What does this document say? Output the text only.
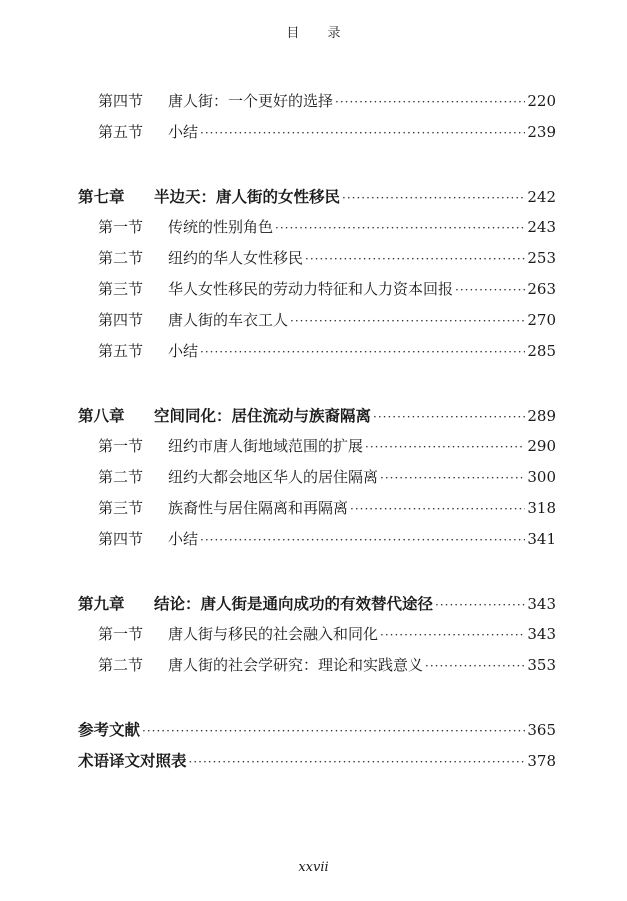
目 录
第四节	唐人街：一个更好的选择 ·····	220
第五节	小结 ·····	239
第七章	半边天：唐人街的女性移民 ·····	242
第一节	传统的性别角色 ·····	243
第二节	纽约的华人女性移民 ·····	253
第三节	华人女性移民的劳动力特征和人力资本回报 ·····	263
第四节	唐人街的车衣工人 ·····	270
第五节	小结 ·····	285
第八章	空间同化：居住流动与族裔隔离 ·····	289
第一节	纽约市唐人街地域范围的扩展 ·····	290
第二节	纽约大都会地区华人的居住隔离 ·····	300
第三节	族裔性与居住隔离和再隔离 ·····	318
第四节	小结 ·····	341
第九章	结论：唐人街是通向成功的有效替代途径 ·····	343
第一节	唐人街与移民的社会融入和同化 ·····	343
第二节	唐人街的社会学研究：理论和实践意义 ·····	353
参考文献 ·····	365
术语译文对照表 ·····	378
xxvii
